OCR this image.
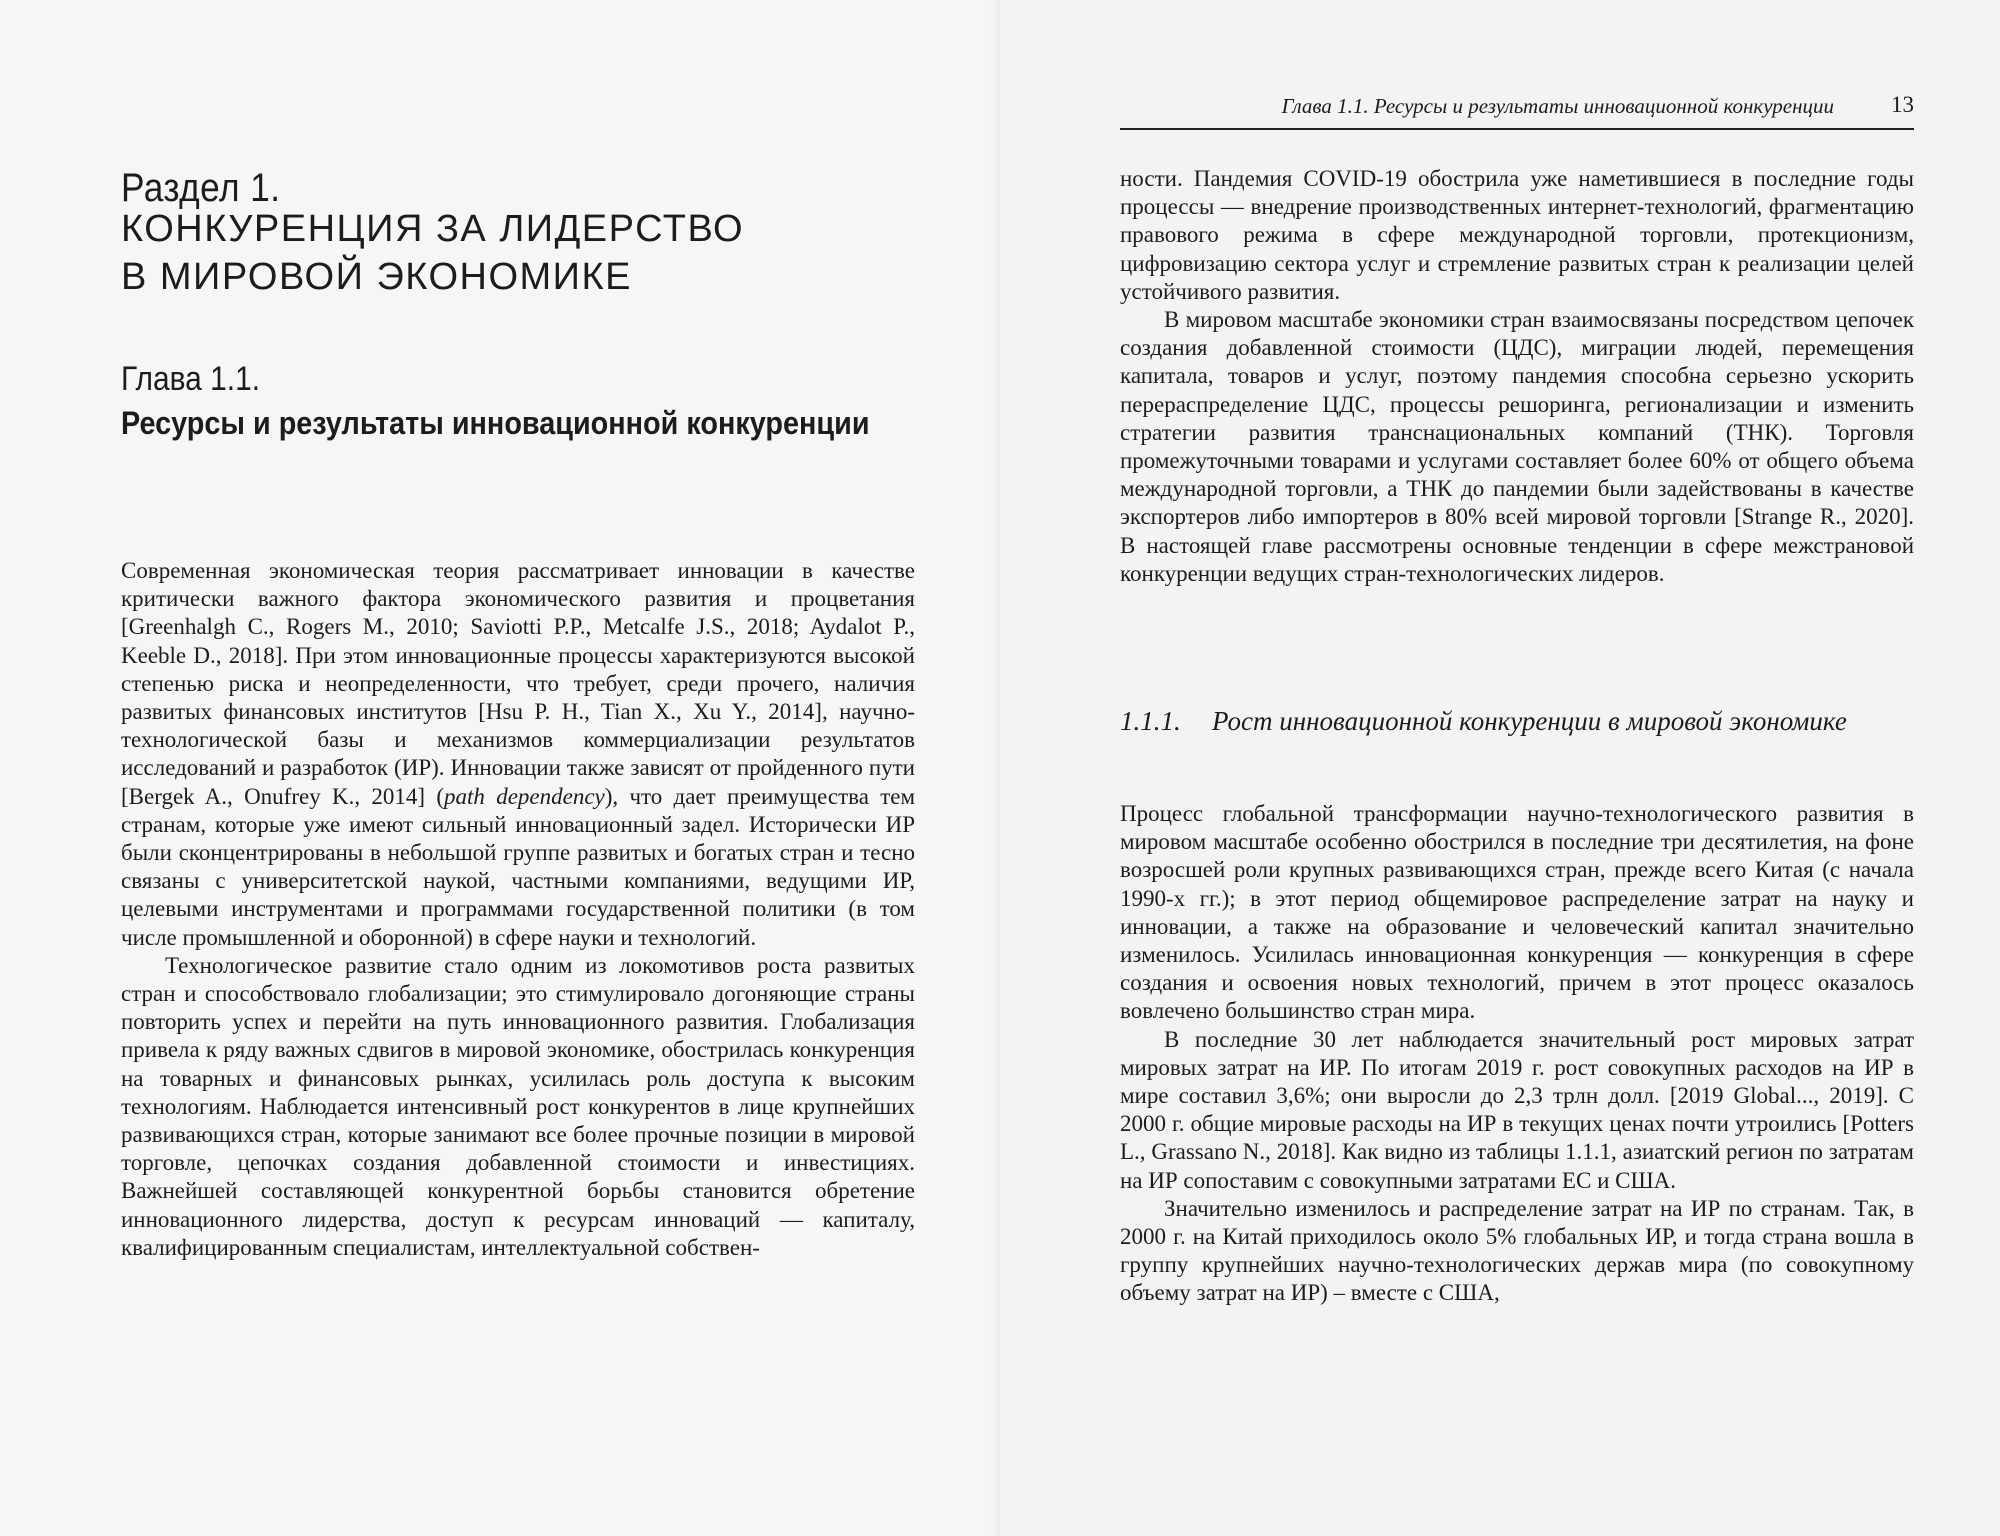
Раздел 1.
КОНКУРЕНЦИЯ ЗА ЛИДЕРСТВО
В МИРОВОЙ ЭКОНОМИКЕ
Глава 1.1.
Ресурсы и результаты инновационной конкуренции

Современная экономическая теория рассматривает инновации в качестве критически важного фактора экономического развития и процветания [Greenhalgh C., Rogers M., 2010; Saviotti P.P., Metcalfe J.S., 2018; Aydalot P., Keeble D., 2018]. При этом инновационные процессы характеризуются высокой степенью риска и неопределенности, что требует, среди прочего, наличия развитых финансовых институтов [Hsu P. H., Tian X., Xu Y., 2014], научно-технологической базы и механизмов коммерциализации результатов исследований и разработок (ИР). Инновации также зависят от пройденного пути [Bergek A., Onufrey K., 2014] (path dependency), что дает преимущества тем странам, которые уже имеют сильный инновационный задел. Исторически ИР были сконцентрированы в небольшой группе развитых и богатых стран и тесно связаны с университетской наукой, частными компаниями, ведущими ИР, целевыми инструментами и программами государственной политики (в том числе промышленной и оборонной) в сфере науки и технологий.

Технологическое развитие стало одним из локомотивов роста развитых стран и способствовало глобализации; это стимулировало догоняющие страны повторить успех и перейти на путь инновационного развития. Глобализация привела к ряду важных сдвигов в мировой экономике, обострилась конкуренция на товарных и финансовых рынках, усилилась роль доступа к высоким технологиям. Наблюдается интенсивный рост конкурентов в лице крупнейших развивающихся стран, которые занимают все более прочные позиции в мировой торговле, цепочках создания добавленной стоимости и инвестициях. Важнейшей составляющей конкурентной борьбы становится обретение инновационного лидерства, доступ к ресурсам инноваций — капиталу, квалифицированным специалистам, интеллектуальной собствен-

Глава 1.1. Ресурсы и результаты инновационной конкуренции 13

ности. Пандемия COVID-19 обострила уже наметившиеся в последние годы процессы — внедрение производственных интернет-технологий, фрагментацию правового режима в сфере международной торговли, протекционизм, цифровизацию сектора услуг и стремление развитых стран к реализации целей устойчивого развития.

В мировом масштабе экономики стран взаимосвязаны посредством цепочек создания добавленной стоимости (ЦДС), миграции людей, перемещения капитала, товаров и услуг, поэтому пандемия способна серьезно ускорить перераспределение ЦДС, процессы решоринга, регионализации и изменить стратегии развития транснациональных компаний (ТНК). Торговля промежуточными товарами и услугами составляет более 60% от общего объема международной торговли, а ТНК до пандемии были задействованы в качестве экспортеров либо импортеров в 80% всей мировой торговли [Strange R., 2020]. В настоящей главе рассмотрены основные тенденции в сфере межстрановой конкуренции ведущих стран-технологических лидеров.

1.1.1.	Рост инновационной конкуренции в мировой экономике

Процесс глобальной трансформации научно-технологического развития в мировом масштабе особенно обострился в последние три десятилетия, на фоне возросшей роли крупных развивающихся стран, прежде всего Китая (с начала 1990-х гг.); в этот период общемировое распределение затрат на науку и инновации, а также на образование и человеческий капитал значительно изменилось. Усилилась инновационная конкуренция — конкуренция в сфере создания и освоения новых технологий, причем в этот процесс оказалось вовлечено большинство стран мира.

В последние 30 лет наблюдается значительный рост мировых затрат мировых затрат на ИР. По итогам 2019 г. рост совокупных расходов на ИР в мире составил 3,6%; они выросли до 2,3 трлн долл. [2019 Global..., 2019]. С 2000 г. общие мировые расходы на ИР в текущих ценах почти утроились [Potters L., Grassano N., 2018]. Как видно из таблицы 1.1.1, азиатский регион по затратам на ИР сопоставим с совокупными затратами ЕС и США.

Значительно изменилось и распределение затрат на ИР по странам. Так, в 2000 г. на Китай приходилось около 5% глобальных ИР, и тогда страна вошла в группу крупнейших научно-технологических держав мира (по совокупному объему затрат на ИР) – вместе с США,
